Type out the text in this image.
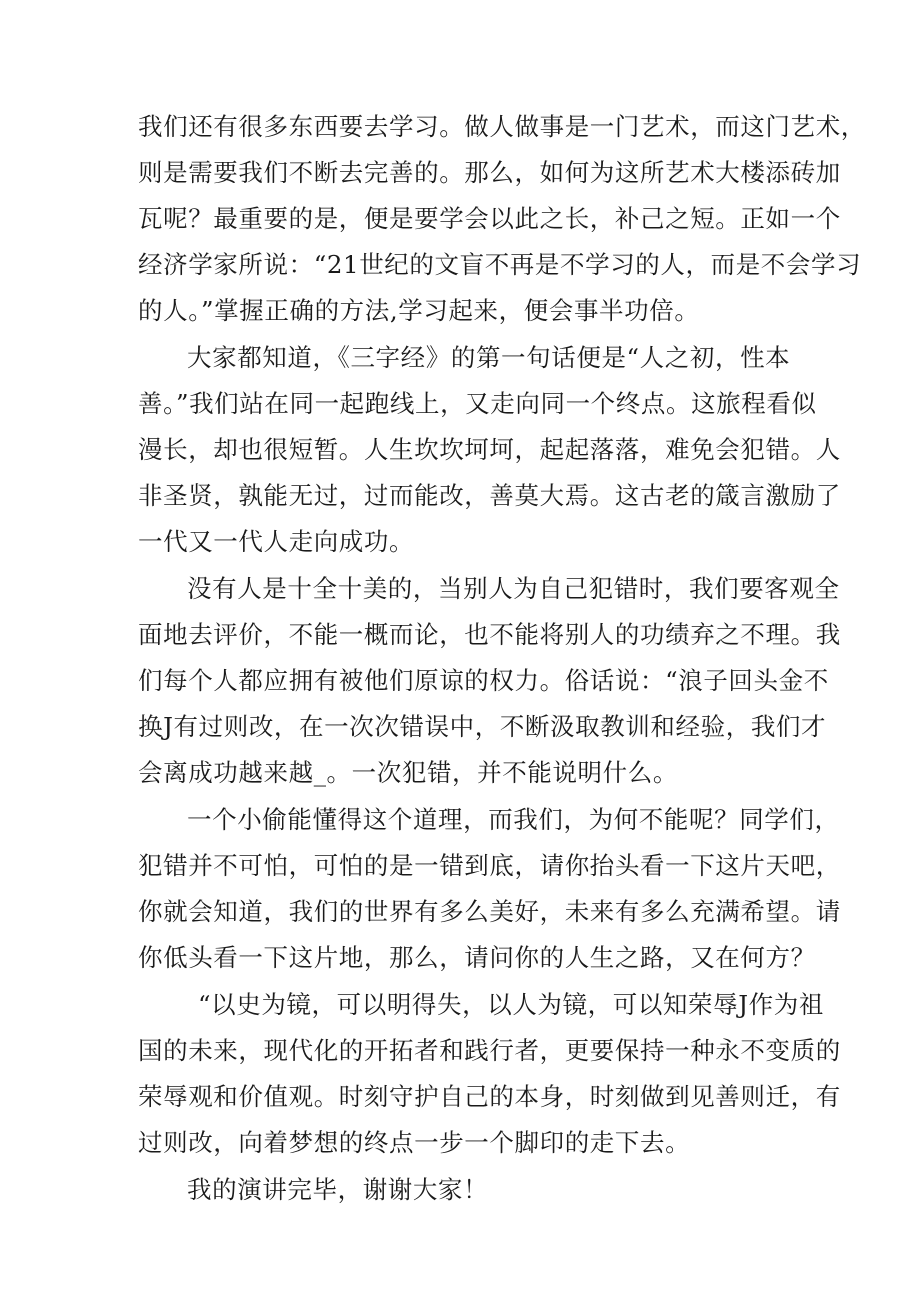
我们还有很多东西要去学习。做人做事是一门艺术，而这门艺术，
则是需要我们不断去完善的。那么，如何为这所艺术大楼添砖加
瓦呢？最重要的是，便是要学会以此之长，补己之短。正如一个
经济学家所说：“21世纪的文盲不再是不学习的人，而是不会学习
的人。”掌握正确的方法,学习起来，便会事半功倍。
大家都知道，《三字经》的第一句话便是“人之初，性本
善。”我们站在同一起跑线上，又走向同一个终点。这旅程看似
漫长，却也很短暂。人生坎坎坷坷，起起落落，难免会犯错。人
非圣贤，孰能无过，过而能改，善莫大焉。这古老的箴言激励了
一代又一代人走向成功。
没有人是十全十美的，当别人为自己犯错时，我们要客观全
面地去评价，不能一概而论，也不能将别人的功绩弃之不理。我
们每个人都应拥有被他们原谅的权力。俗话说：“浪子回头金不
换J有过则改，在一次次错误中，不断汲取教训和经验，我们才
会离成功越来越_。一次犯错，并不能说明什么。
一个小偷能懂得这个道理，而我们，为何不能呢？同学们，
犯错并不可怕，可怕的是一错到底，请你抬头看一下这片天吧，
你就会知道，我们的世界有多么美好，未来有多么充满希望。请
你低头看一下这片地，那么，请问你的人生之路，又在何方？
“以史为镜，可以明得失，以人为镜，可以知荣辱J作为祖
国的未来，现代化的开拓者和践行者，更要保持一种永不变质的
荣辱观和价值观。时刻守护自己的本身，时刻做到见善则迁，有
过则改，向着梦想的终点一步一个脚印的走下去。
我的演讲完毕，谢谢大家！
